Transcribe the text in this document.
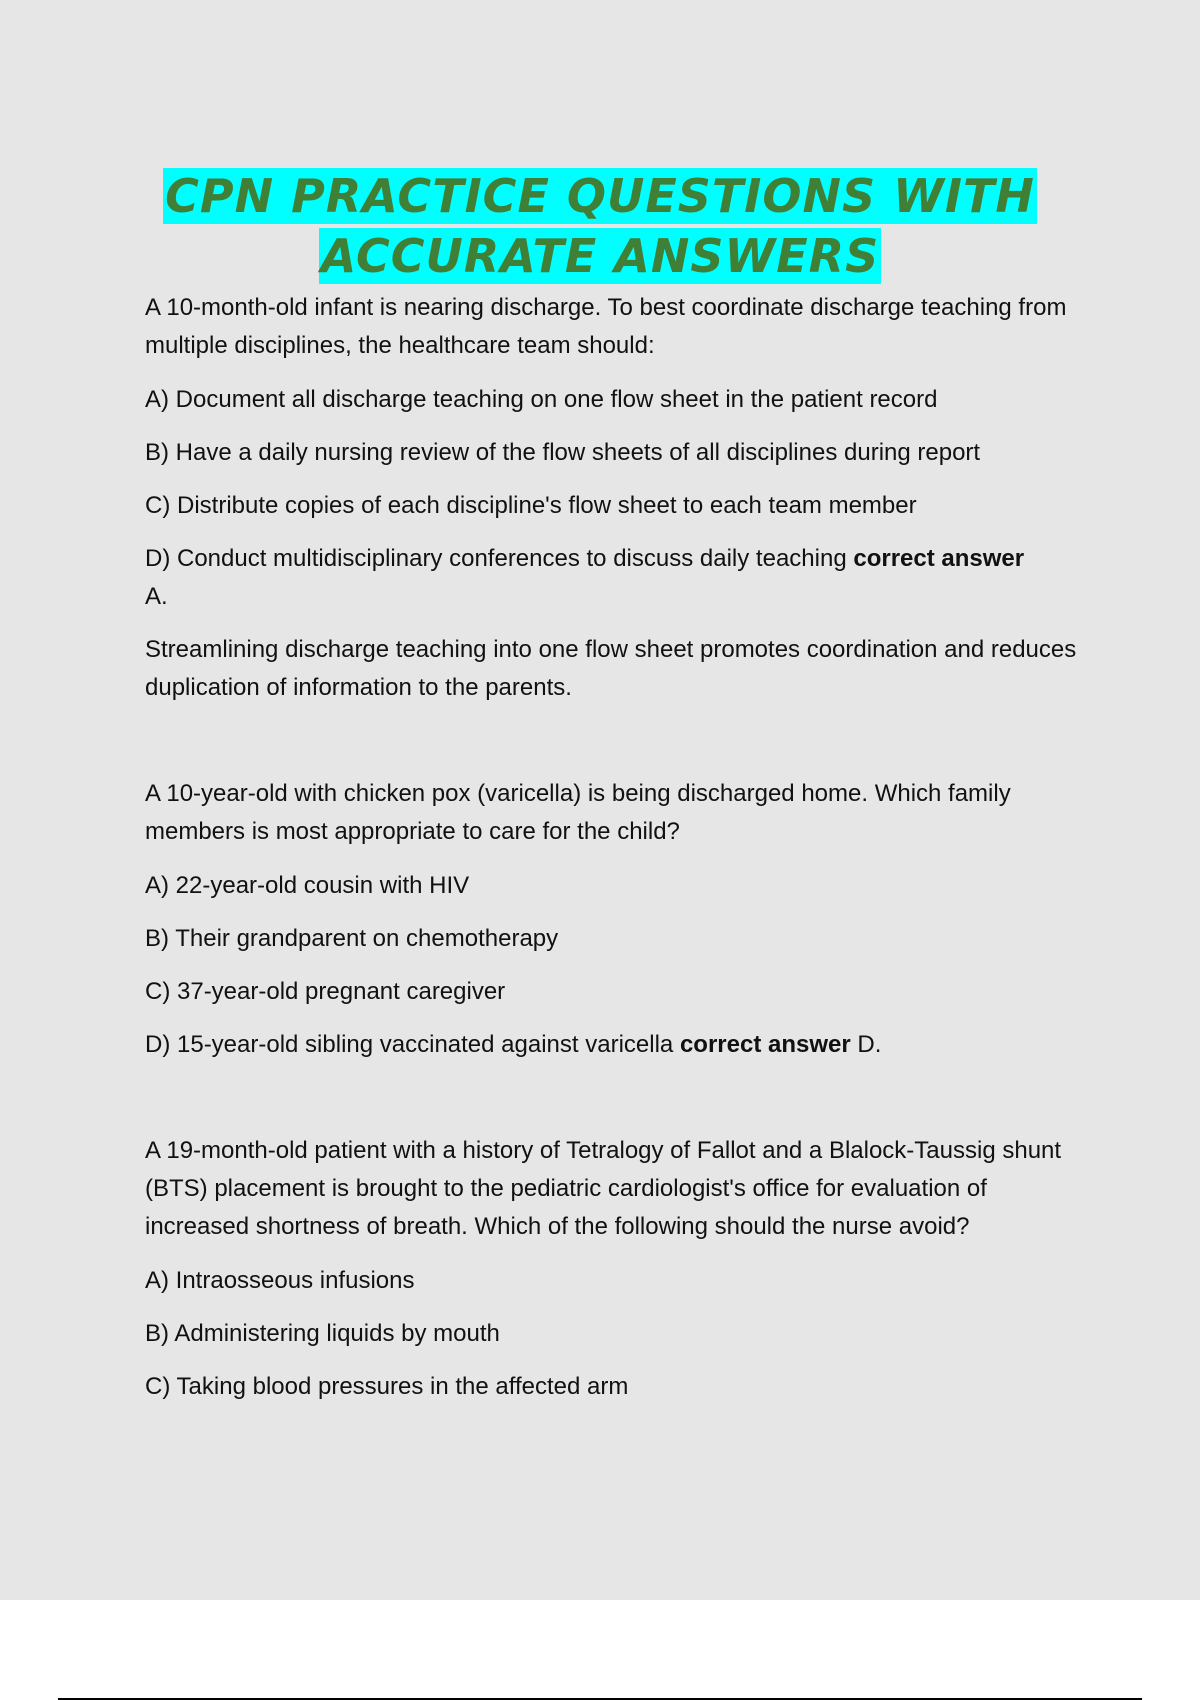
CPN PRACTICE QUESTIONS WITH
ACCURATE ANSWERS

A 10-month-old infant is nearing discharge. To best coordinate discharge teaching from multiple disciplines, the healthcare team should:

A) Document all discharge teaching on one flow sheet in the patient record

B) Have a daily nursing review of the flow sheets of all disciplines during report

C) Distribute copies of each discipline's flow sheet to each team member

D) Conduct multidisciplinary conferences to discuss daily teaching correct answer
A.

Streamlining discharge teaching into one flow sheet promotes coordination and reduces duplication of information to the parents.

A 10-year-old with chicken pox (varicella) is being discharged home. Which family members is most appropriate to care for the child?

A) 22-year-old cousin with HIV

B) Their grandparent on chemotherapy

C) 37-year-old pregnant caregiver

D) 15-year-old sibling vaccinated against varicella correct answer D.

A 19-month-old patient with a history of Tetralogy of Fallot and a Blalock-Taussig shunt (BTS) placement is brought to the pediatric cardiologist's office for evaluation of increased shortness of breath. Which of the following should the nurse avoid?

A) Intraosseous infusions

B) Administering liquids by mouth

C) Taking blood pressures in the affected arm
